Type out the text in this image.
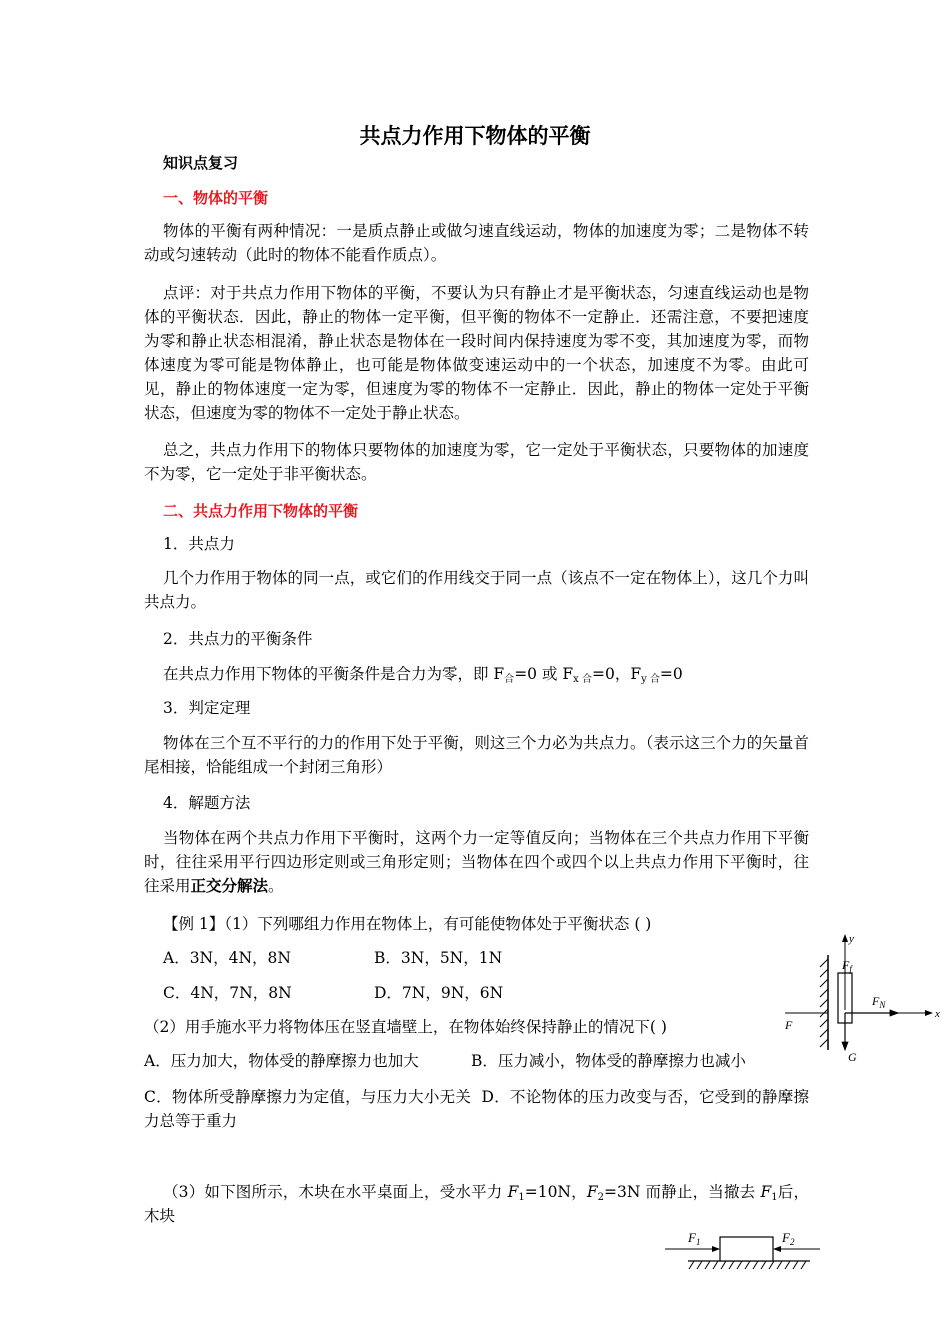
共点力作用下物体的平衡
知识点复习
一、物体的平衡

物体的平衡有两种情况：一是质点静止或做匀速直线运动，物体的加速度为零；二是物体不转动或匀速转动（此时的物体不能看作质点）。

点评：对于共点力作用下物体的平衡，不要认为只有静止才是平衡状态，匀速直线运动也是物体的平衡状态．因此，静止的物体一定平衡，但平衡的物体不一定静止．还需注意，不要把速度为零和静止状态相混淆，静止状态是物体在一段时间内保持速度为零不变，其加速度为零，而物体速度为零可能是物体静止，也可能是物体做变速运动中的一个状态，加速度不为零。由此可见，静止的物体速度一定为零，但速度为零的物体不一定静止．因此，静止的物体一定处于平衡状态，但速度为零的物体不一定处于静止状态。

总之，共点力作用下的物体只要物体的加速度为零，它一定处于平衡状态，只要物体的加速度不为零，它一定处于非平衡状态。

二、共点力作用下物体的平衡

1．共点力

几个力作用于物体的同一点，或它们的作用线交于同一点（该点不一定在物体上），这几个力叫共点力。

2．共点力的平衡条件

在共点力作用下物体的平衡条件是合力为零，即 $F_合=0$ 或 $F_{x 合}=0$，$F_{y 合}=0$

3．判定定理

物体在三个互不平行的力的作用下处于平衡，则这三个力必为共点力。（表示这三个力的矢量首尾相接，恰能组成一个封闭三角形）

4．解题方法

当物体在两个共点力作用下平衡时，这两个力一定等值反向；当物体在三个共点力作用下平衡时，往往采用平行四边形定则或三角形定则；当物体在四个或四个以上共点力作用下平衡时，往往采用正交分解法。

【例 1】（1）下列哪组力作用在物体上，有可能使物体处于平衡状态 ( )

A．3N，4N，8N	B．3N，5N，1N

C．4N，7N，8N	D．7N，9N，6N

（2）用手施水平力将物体压在竖直墙壁上，在物体始终保持静止的情况下( )

A．压力加大，物体受的静摩擦力也加大	B．压力减小，物体受的静摩擦力也减小

C．物体所受静摩擦力为定值，与压力大小无关 D．不论物体的压力改变与否，它受到的静摩擦力总等于重力

（3）如下图所示，木块在水平桌面上，受水平力 $F_1=10N$，$F_2=3N$ 而静止，当撤去 $F_1$后，木块

y
x
$F_f$
$F_N$
F
G
$F_1$	$F_2$
